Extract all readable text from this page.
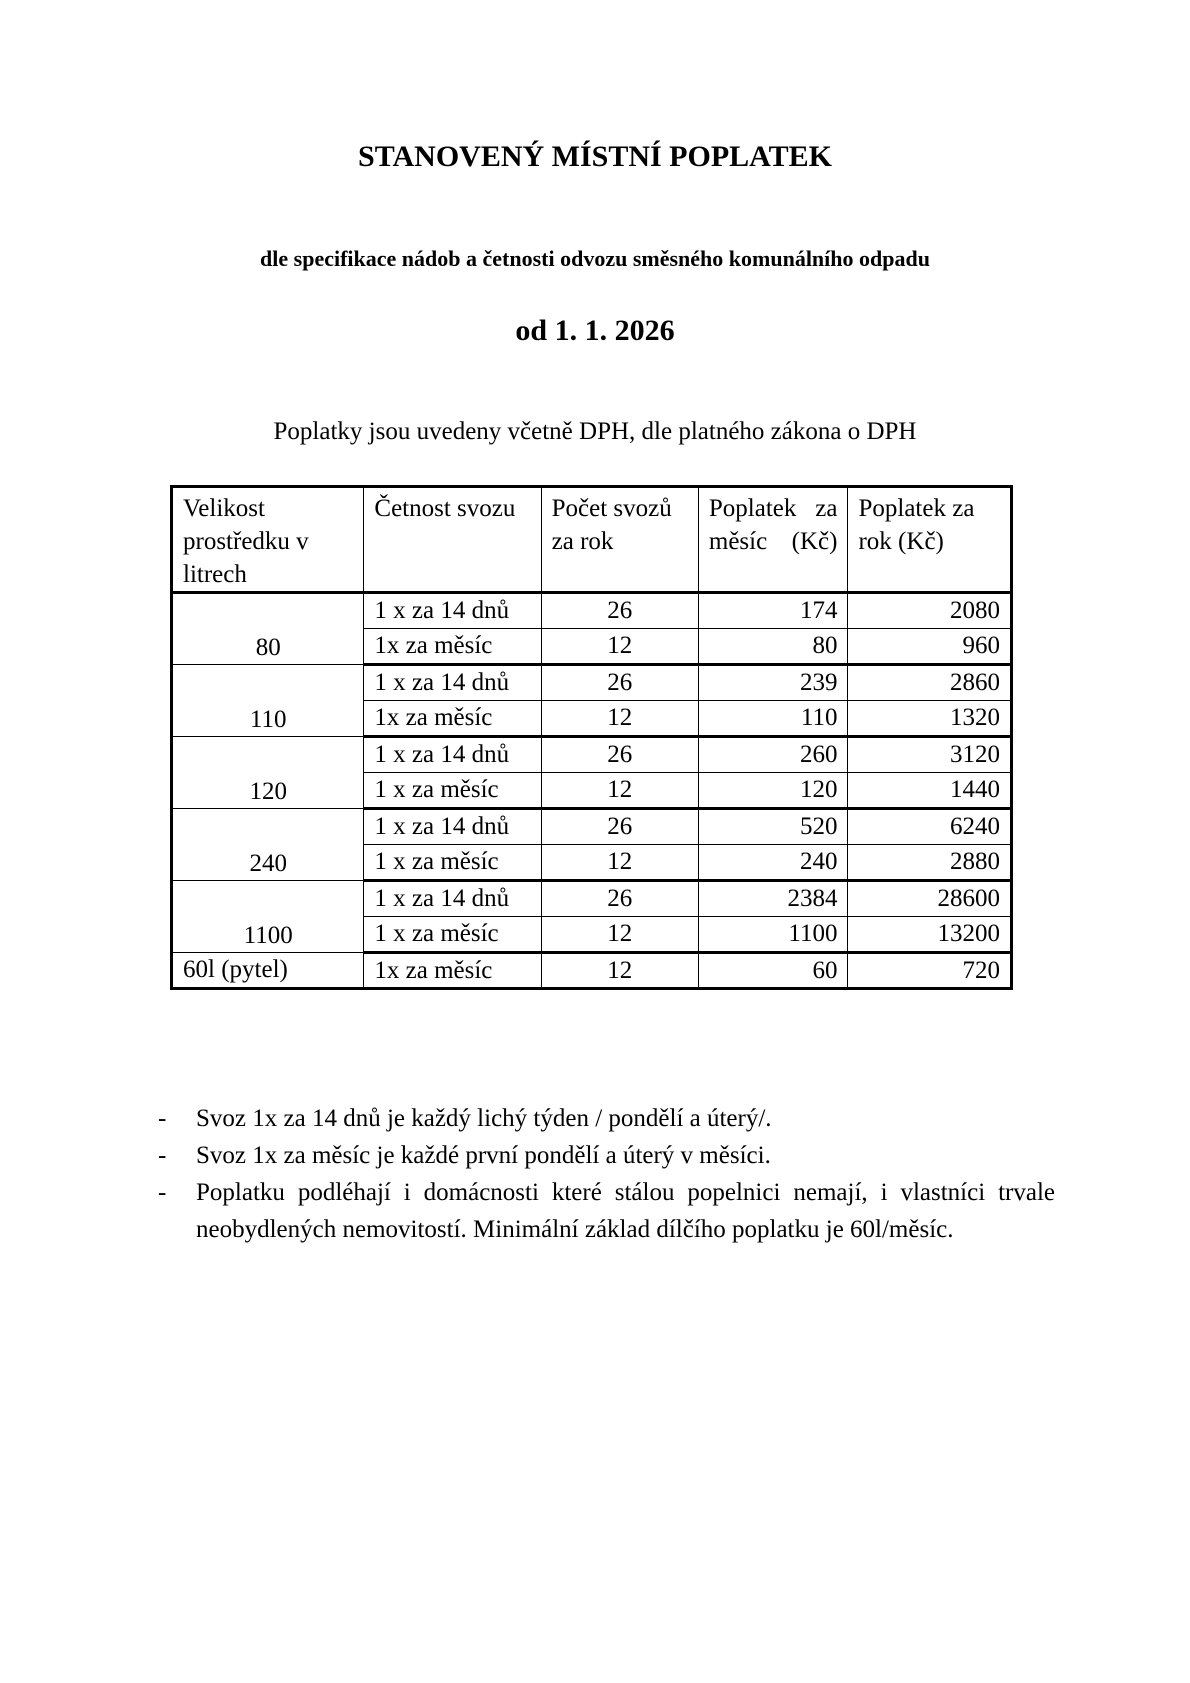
STANOVENÝ MÍSTNÍ POPLATEK
dle specifikace nádob a četnosti odvozu směsného komunálního odpadu
od 1. 1. 2026
Poplatky jsou uvedeny včetně DPH, dle platného zákona o DPH
Velikost prostředku v litrech	Četnost svozu	Počet svozů za rok	Poplatek za měsíc (Kč)	Poplatek za rok (Kč)
80	1 x za 14 dnů	26	174	2080
	1x za měsíc	12	80	960
110	1 x za 14 dnů	26	239	2860
	1x za měsíc	12	110	1320
120	1 x za 14 dnů	26	260	3120
	1 x za měsíc	12	120	1440
240	1 x za 14 dnů	26	520	6240
	1 x za měsíc	12	240	2880
1100	1 x za 14 dnů	26	2384	28600
	1 x za měsíc	12	1100	13200
60l (pytel)	1x za měsíc	12	60	720
-	Svoz 1x za 14 dnů je každý lichý týden / pondělí a úterý/.
-	Svoz 1x za měsíc je každé první pondělí a úterý v měsíci.
-	Poplatku podléhají i domácnosti které stálou popelnici nemají, i vlastníci trvale neobydlených nemovitostí. Minimální základ dílčího poplatku je 60l/měsíc.
